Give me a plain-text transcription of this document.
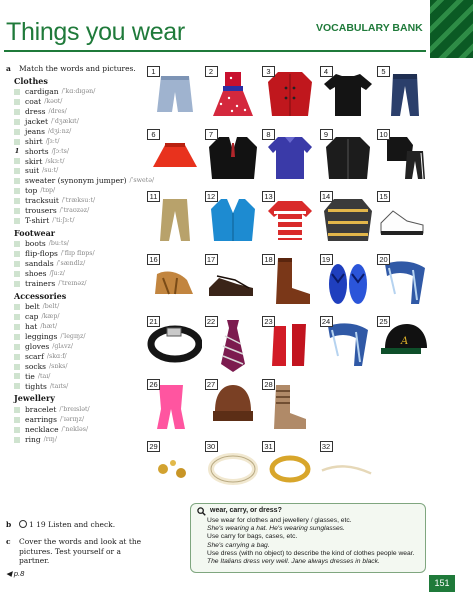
Things you wear	VOCABULARY BANK
a	Match the words and pictures.
Clothes
cardigan /ˈkɑːdɪɡən/
coat /kəʊt/
dress /dres/
jacket /ˈdʒækɪt/
jeans /dʒiːnz/
shirt /ʃɜːt/
1 shorts /ʃɔːts/
skirt /skɜːt/
suit /suːt/
sweater (synonym jumper) /ˈswetə/
top /tɒp/
tracksuit /ˈtræksuːt/
trousers /ˈtraʊzəz/
T-shirt /ˈtiːʃɜːt/
Footwear
boots /buːts/
flip-flops /ˈflɪp flɒps/
sandals /ˈsændlz/
shoes /ʃuːz/
trainers /ˈtreɪnəz/
Accessories
belt /belt/
cap /kæp/
hat /hæt/
leggings /ˈleɡɪŋz/
gloves /ɡlʌvz/
scarf /skɑːf/
socks /sɒks/
tie /taɪ/
tights /taɪts/
Jewellery
bracelet /ˈbreɪslət/
earrings /ˈɪərɪŋz/
necklace /ˈnekləs/
ring /rɪŋ/
b	1 19 Listen and check.
c	Cover the words and look at the pictures. Test yourself or a partner.
◀ p.8
1	2	3	4	5
6	7	8	9	10
11	12	13	14	15
16	17	18	19	20
21	22	23	24
A
25
26	27	28
29	30	31	32
wear, carry, or dress?
Use wear for clothes and jewellery / glasses, etc.
She's wearing a hat. He's wearing sunglasses.
Use carry for bags, cases, etc.
She's carrying a bag.
Use dress (with no object) to describe the kind of clothes people wear.
The Italians dress very well. Jane always dresses in black.
151
